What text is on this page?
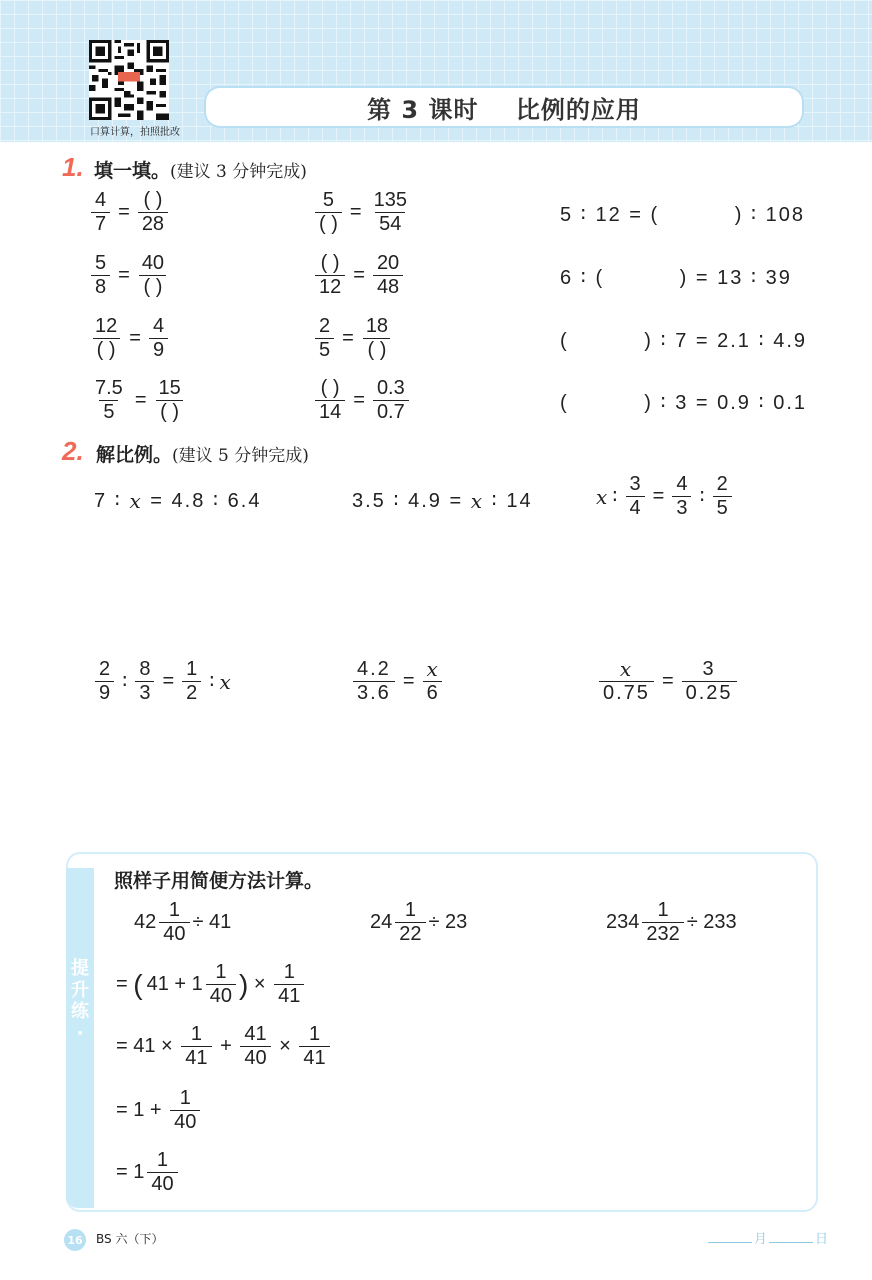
口算计算，拍照批改
第 3 课时    比例的应用
1. 填一填。(建议 3 分钟完成)
$\frac{4}{7} = \frac{( )}{28}$	$\frac{5}{( )} = \frac{135}{54}$	5 ∶ 12 = (          ) ∶ 108
$\frac{5}{8} = \frac{40}{( )}$	$\frac{( )}{12} = \frac{20}{48}$	6 ∶ (          ) = 13 ∶ 39
$\frac{12}{( )} = \frac{4}{9}$	$\frac{2}{5} = \frac{18}{( )}$	(          ) ∶ 7 = 2.1 ∶ 4.9
$\frac{7.5}{5} = \frac{15}{( )}$	$\frac{( )}{14} = \frac{0.3}{0.7}$	(          ) ∶ 3 = 0.9 ∶ 0.1
2. 解比例。(建议 5 分钟完成)
7 ∶ x = 4.8 ∶ 6.4	3.5 ∶ 4.9 = x ∶ 14	x ∶ $\frac{3}{4} = \frac{4}{3}$ ∶ $\frac{2}{5}$
$\frac{2}{9}$ ∶ $\frac{8}{3} = \frac{1}{2}$ ∶ x	$\frac{4.2}{3.6} = \frac{x}{6}$	$\frac{x}{0.75} = \frac{3}{0.25}$
提
升
练
·
照样子用简便方法计算。
$42 \frac{1}{40} \div 41$	$24 \frac{1}{22} \div 23$	$234 \frac{1}{232} \div 233$
= ( $41 + 1 \frac{1}{40}$ ) × $\frac{1}{41}$
= $41 \times \frac{1}{41} + \frac{41}{40} \times \frac{1}{41}$
= $1 + \frac{1}{40}$
= $1 \frac{1}{40}$
16 BS 六（下）	月	日
